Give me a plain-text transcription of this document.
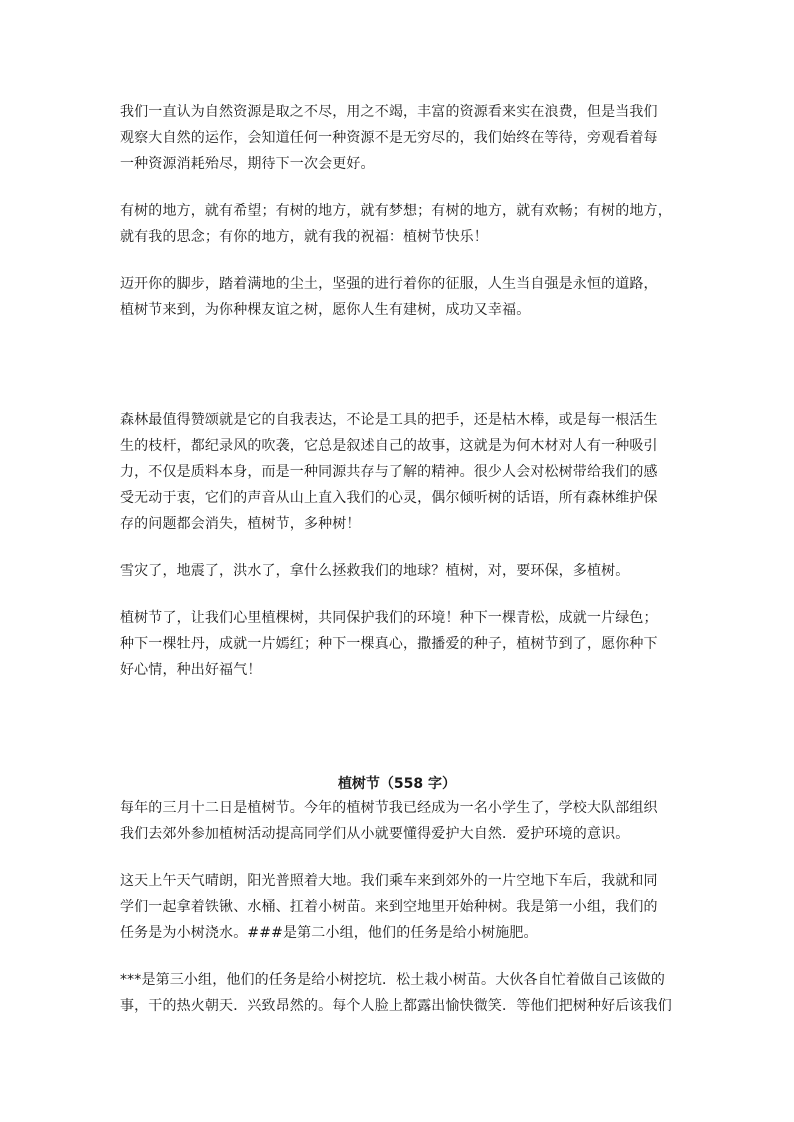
我们一直认为自然资源是取之不尽，用之不竭，丰富的资源看来实在浪费，但是当我们
观察大自然的运作，会知道任何一种资源不是无穷尽的，我们始终在等待，旁观看着每
一种资源消耗殆尽，期待下一次会更好。
有树的地方，就有希望；有树的地方，就有梦想；有树的地方，就有欢畅；有树的地方，
就有我的思念；有你的地方，就有我的祝福：植树节快乐！
迈开你的脚步，踏着满地的尘土，坚强的进行着你的征服，人生当自强是永恒的道路，
植树节来到，为你种棵友谊之树，愿你人生有建树，成功又幸福。
森林最值得赞颂就是它的自我表达，不论是工具的把手，还是枯木棒，或是每一根活生
生的枝杆，都纪录风的吹袭，它总是叙述自己的故事，这就是为何木材对人有一种吸引
力，不仅是质料本身，而是一种同源共存与了解的精神。很少人会对松树带给我们的感
受无动于衷，它们的声音从山上直入我们的心灵，偶尔倾听树的话语，所有森林维护保
存的问题都会消失，植树节，多种树！
雪灾了，地震了，洪水了，拿什么拯救我们的地球？植树，对，要环保，多植树。
植树节了，让我们心里植棵树，共同保护我们的环境！种下一棵青松，成就一片绿色；
种下一棵牡丹，成就一片嫣红；种下一棵真心，撒播爱的种子，植树节到了，愿你种下
好心情，种出好福气！
植树节（558 字）
每年的三月十二日是植树节。今年的植树节我已经成为一名小学生了，学校大队部组织
我们去郊外参加植树活动提高同学们从小就要懂得爱护大自然．爱护环境的意识。
这天上午天气晴朗，阳光普照着大地。我们乘车来到郊外的一片空地下车后，我就和同
学们一起拿着铁锹、水桶、扛着小树苗。来到空地里开始种树。我是第一小组，我们的
任务是为小树浇水。###是第二小组，他们的任务是给小树施肥。
***是第三小组，他们的任务是给小树挖坑．松土栽小树苗。大伙各自忙着做自己该做的
事，干的热火朝天．兴致昂然的。每个人脸上都露出愉快微笑．等他们把树种好后该我们
